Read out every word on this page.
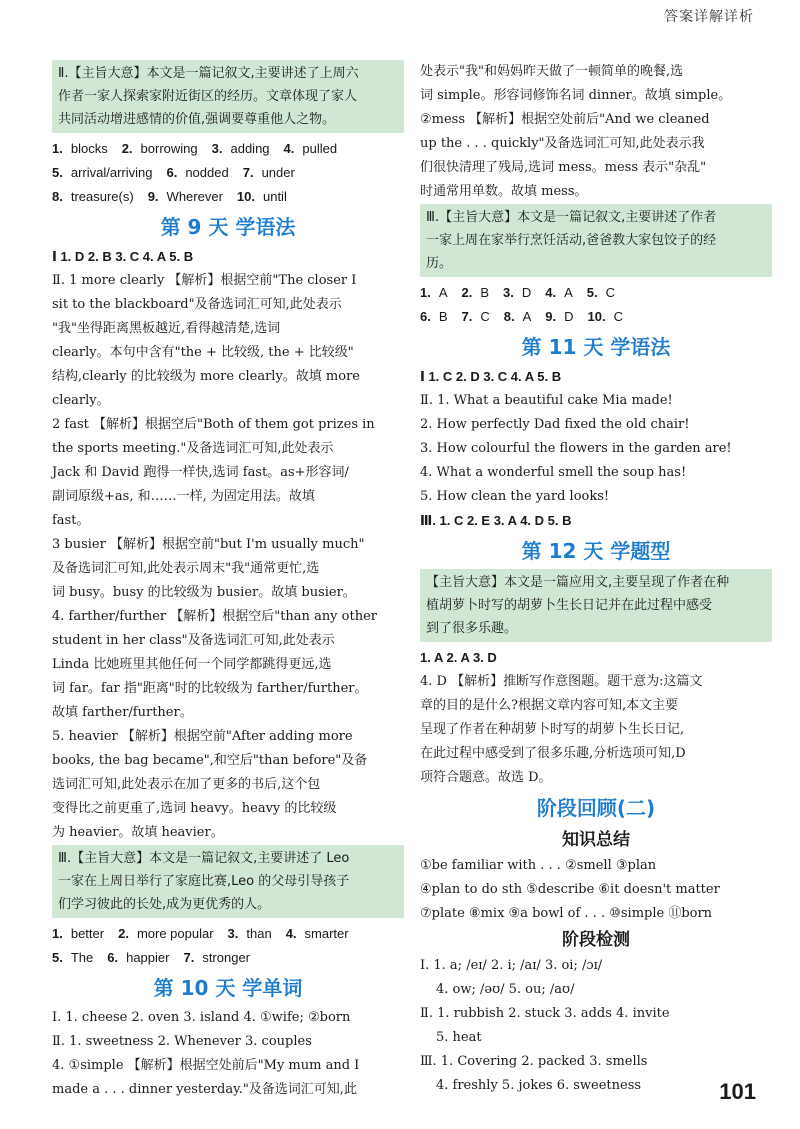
答案详解详析
Ⅱ.【主旨大意】本文是一篇记叙文,主要讲述了上周六
作者一家人探索家附近街区的经历。文章体现了家人
共同活动增进感情的价值,强调要尊重他人之物。
1. blocks 2. borrowing 3. adding 4. pulled
5. arrival/arriving 6. nodded 7. under
8. treasure(s) 9. Wherever 10. until
第 9 天 学语法
Ⅰ 1. D 2. B 3. C 4. A 5. B
Ⅱ. 1 more clearly 【解析】根据空前"The closer I
sit to the blackboard"及备选词汇可知,此处表示
"我"坐得距离黑板越近,看得越清楚,选词
clearly。本句中含有"the + 比较级, the + 比较级"
结构,clearly 的比较级为 more clearly。故填 more
clearly。
2 fast 【解析】根据空后"Both of them got prizes in
the sports meeting."及备选词汇可知,此处表示
Jack 和 David 跑得一样快,选词 fast。as+形容词/
副词原级+as, 和……一样, 为固定用法。故填
fast。
3 busier 【解析】根据空前"but I'm usually much"
及备选词汇可知,此处表示周末"我"通常更忙,选
词 busy。busy 的比较级为 busier。故填 busier。
4. farther/further 【解析】根据空后"than any other
student in her class"及备选词汇可知,此处表示
Linda 比她班里其他任何一个同学都跳得更远,选
词 far。far 指"距离"时的比较级为 farther/further。
故填 farther/further。
5. heavier 【解析】根据空前"After adding more
books, the bag became",和空后"than before"及备
选词汇可知,此处表示在加了更多的书后,这个包
变得比之前更重了,选词 heavy。heavy 的比较级
为 heavier。故填 heavier。
Ⅲ.【主旨大意】本文是一篇记叙文,主要讲述了 Leo
一家在上周日举行了家庭比赛,Leo 的父母引导孩子
们学习彼此的长处,成为更优秀的人。
1. better 2. more popular 3. than 4. smarter
5. The 6. happier 7. stronger
第 10 天 学单词
Ⅰ. 1. cheese 2. oven 3. island 4. ①wife; ②born
Ⅱ. 1. sweetness 2. Whenever 3. couples
4. ①simple 【解析】根据空处前后"My mum and I
made a . . . dinner yesterday."及备选词汇可知,此
处表示"我"和妈妈昨天做了一顿简单的晚餐,选
词 simple。形容词修饰名词 dinner。故填 simple。
②mess 【解析】根据空处前后"And we cleaned
up the . . . quickly"及备选词汇可知,此处表示我
们很快清理了残局,选词 mess。mess 表示"杂乱"
时通常用单数。故填 mess。
Ⅲ.【主旨大意】本文是一篇记叙文,主要讲述了作者
一家上周在家举行烹饪活动,爸爸教大家包饺子的经
历。
1. A 2. B 3. D 4. A 5. C
6. B 7. C 8. A 9. D 10. C
第 11 天 学语法
Ⅰ 1. C 2. D 3. C 4. A 5. B
Ⅱ. 1. What a beautiful cake Mia made!
2. How perfectly Dad fixed the old chair!
3. How colourful the flowers in the garden are!
4. What a wonderful smell the soup has!
5. How clean the yard looks!
Ⅲ. 1. C 2. E 3. A 4. D 5. B
第 12 天 学题型
【主旨大意】本文是一篇应用文,主要呈现了作者在种
植胡萝卜时写的胡萝卜生长日记并在此过程中感受
到了很多乐趣。
1. A 2. A 3. D
4. D 【解析】推断写作意图题。题干意为:这篇文
章的目的是什么?根据文章内容可知,本文主要
呈现了作者在种胡萝卜时写的胡萝卜生长日记,
在此过程中感受到了很多乐趣,分析选项可知,D
项符合题意。故选 D。
阶段回顾(二)
知识总结
①be familiar with . . . ②smell ③plan
④plan to do sth ⑤describe ⑥it doesn't matter
⑦plate ⑧mix ⑨a bowl of . . . ⑩simple ⑪born
阶段检测
Ⅰ. 1. a; /eɪ/ 2. i; /aɪ/ 3. oi; /ɔɪ/
4. ow; /əʊ/ 5. ou; /aʊ/
Ⅱ. 1. rubbish 2. stuck 3. adds 4. invite
5. heat
Ⅲ. 1. Covering 2. packed 3. smells
4. freshly 5. jokes 6. sweetness	101
